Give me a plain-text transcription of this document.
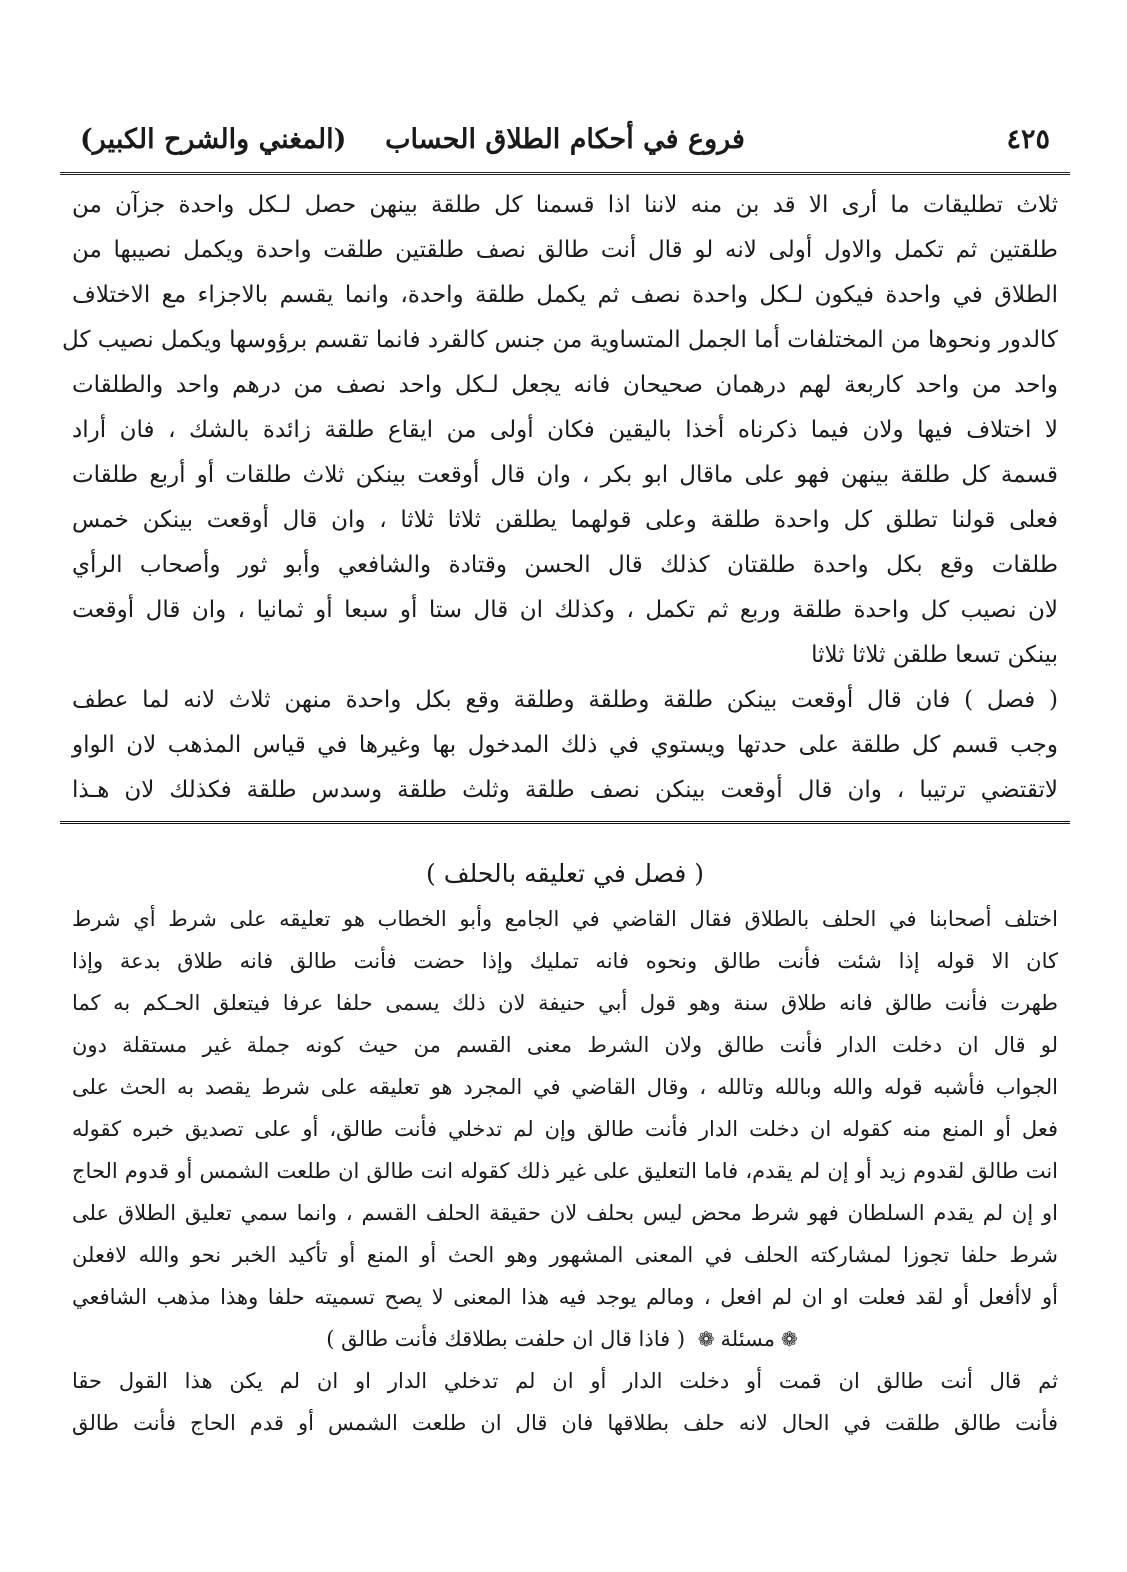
٤٢٥
فروع في أحكام الطلاق الحساب
(المغني والشرح الكبير)
ثلاث تطليقات ما أرى الا قد بن منه لاننا اذا قسمنا كل طلقة بينهن حصل لـكل واحدة جزآن من
طلقتين ثم تكمل والاول أولى لانه لو قال أنت طالق نصف طلقتين طلقت واحدة ويكمل نصيبها من
الطلاق في واحدة فيكون لـكل واحدة نصف ثم يكمل طلقة واحدة، وانما يقسم بالاجزاء مع الاختلاف
كالدور ونحوها من المختلفات أما الجمل المتساوية من جنس كالقرد فانما تقسم برؤوسها ويكمل نصيب كل
واحد من واحد كاربعة لهم درهمان صحيحان فانه يجعل لـكل واحد نصف من درهم واحد والطلقات
لا اختلاف فيها ولان فيما ذكرناه أخذا باليقين فكان أولى من ايقاع طلقة زائدة بالشك ، فان أراد
قسمة كل طلقة بينهن فهو على ماقال ابو بكر ، وان قال أوقعت بينكن ثلاث طلقات أو أربع طلقات
فعلى قولنا تطلق كل واحدة طلقة وعلى قولهما يطلقن ثلاثا ثلاثا ، وان قال أوقعت بينكن خمس
طلقات وقع بكل واحدة طلقتان كذلك قال الحسن وقتادة والشافعي وأبو ثور وأصحاب الرأي
لان نصيب كل واحدة طلقة وربع ثم تكمل ، وكذلك ان قال ستا أو سبعا أو ثمانيا ، وان قال أوقعت
بينكن تسعا طلقن ثلاثا ثلاثا
( فصل ) فان قال أوقعت بينكن طلقة وطلقة وطلقة وقع بكل واحدة منهن ثلاث لانه لما عطف
وجب قسم كل طلقة على حدتها ويستوي في ذلك المدخول بها وغيرها في قياس المذهب لان الواو
لاتقتضي ترتيبا ، وان قال أوقعت بينكن نصف طلقة وثلث طلقة وسدس طلقة فكذلك لان هـذا
( فصل في تعليقه بالحلف )
اختلف أصحابنا في الحلف بالطلاق فقال القاضي في الجامع وأبو الخطاب هو تعليقه على شرط أي شرط
كان الا قوله إذا شئت فأنت طالق ونحوه فانه تمليك وإذا حضت فأنت طالق فانه طلاق بدعة وإذا
طهرت فأنت طالق فانه طلاق سنة وهو قول أبي حنيفة لان ذلك يسمى حلفا عرفا فيتعلق الحـكم به كما
لو قال ان دخلت الدار فأنت طالق ولان الشرط معنى القسم من حيث كونه جملة غير مستقلة دون
الجواب فأشبه قوله والله وبالله وتالله ، وقال القاضي في المجرد هو تعليقه على شرط يقصد به الحث على
فعل أو المنع منه كقوله ان دخلت الدار فأنت طالق وإن لم تدخلي فأنت طالق، أو على تصديق خبره كقوله
انت طالق لقدوم زيد أو إن لم يقدم، فاما التعليق على غير ذلك كقوله انت طالق ان طلعت الشمس أو قدوم الحاج
او إن لم يقدم السلطان فهو شرط محض ليس بحلف لان حقيقة الحلف القسم ، وانما سمي تعليق الطلاق على
شرط حلفا تجوزا لمشاركته الحلف في المعنى المشهور وهو الحث أو المنع أو تأكيد الخبر نحو والله لافعلن
أو لاأفعل أو لقد فعلت او ان لم افعل ، ومالم يوجد فيه هذا المعنى لا يصح تسميته حلفا وهذا مذهب الشافعي
❁مسئلة❁ ( فاذا قال ان حلفت بطلاقك فأنت طالق )
ثم قال أنت طالق ان قمت أو دخلت الدار أو ان لم تدخلي الدار او ان لم يكن هذا القول حقا
فأنت طالق طلقت في الحال لانه حلف بطلاقها فان قال ان طلعت الشمس أو قدم الحاج فأنت طالق
